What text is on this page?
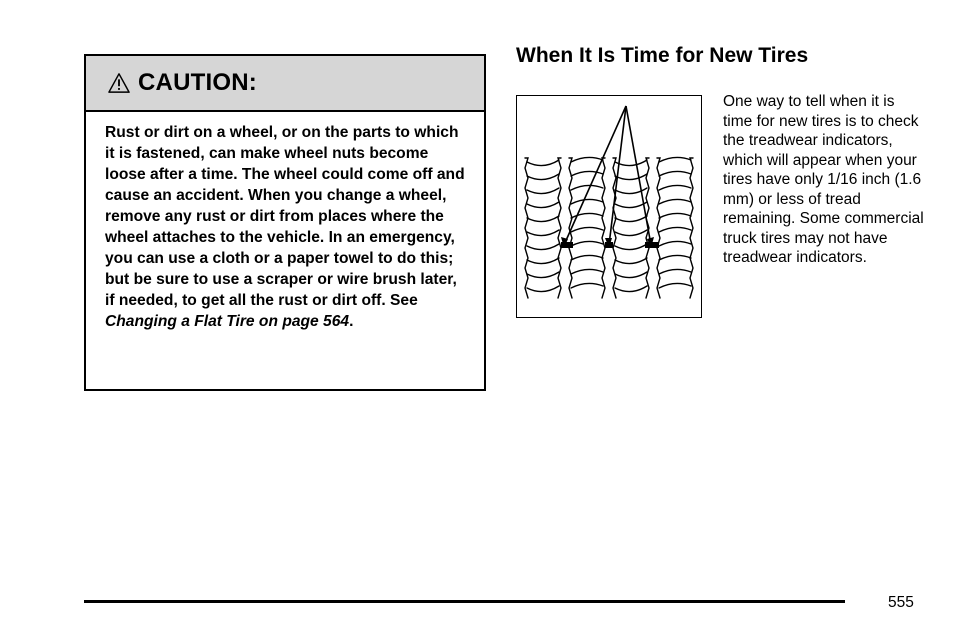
CAUTION:
Rust or dirt on a wheel, or on the parts to which it is fastened, can make wheel nuts become loose after a time. The wheel could come off and cause an accident. When you change a wheel, remove any rust or dirt from places where the wheel attaches to the vehicle. In an emergency, you can use a cloth or a paper towel to do this; but be sure to use a scraper or wire brush later, if needed, to get all the rust or dirt off. See Changing a Flat Tire on page 564.
When It Is Time for New Tires
One way to tell when it is time for new tires is to check the treadwear indicators, which will appear when your tires have only 1/16 inch (1.6 mm) or less of tread remaining. Some commercial truck tires may not have treadwear indicators.
555
